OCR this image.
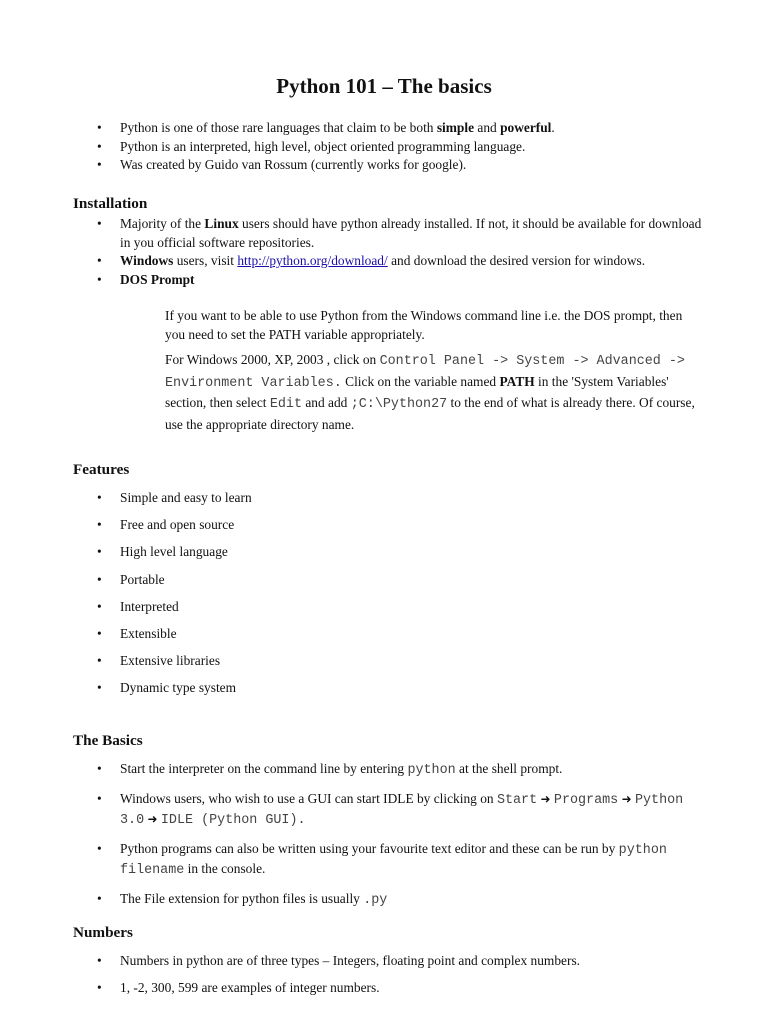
Python 101 – The basics
• Python is one of those rare languages that claim to be both simple and powerful.
• Python is an interpreted, high level, object oriented programming language.
• Was created by Guido van Rossum (currently works for google).
Installation
• Majority of the Linux users should have python already installed. If not, it should be available for download in you official software repositories.
• Windows users, visit http://python.org/download/ and download the desired version for windows.
• DOS Prompt
If you want to be able to use Python from the Windows command line i.e. the DOS prompt, then you need to set the PATH variable appropriately.
For Windows 2000, XP, 2003 , click on Control Panel -> System -> Advanced -> Environment Variables. Click on the variable named PATH in the 'System Variables' section, then select Edit and add ;C:\Python27 to the end of what is already there. Of course, use the appropriate directory name.
Features
• Simple and easy to learn
• Free and open source
• High level language
• Portable
• Interpreted
• Extensible
• Extensive libraries
• Dynamic type system
The Basics
• Start the interpreter on the command line by entering python at the shell prompt.
• Windows users, who wish to use a GUI can start IDLE by clicking on Start ➜ Programs ➜ Python 3.0 ➜ IDLE (Python GUI).
• Python programs can also be written using your favourite text editor and these can be run by python filename in the console.
• The File extension for python files is usually .py
Numbers
• Numbers in python are of three types – Integers, floating point and complex numbers.
• 1, -2, 300, 599 are examples of integer numbers.
